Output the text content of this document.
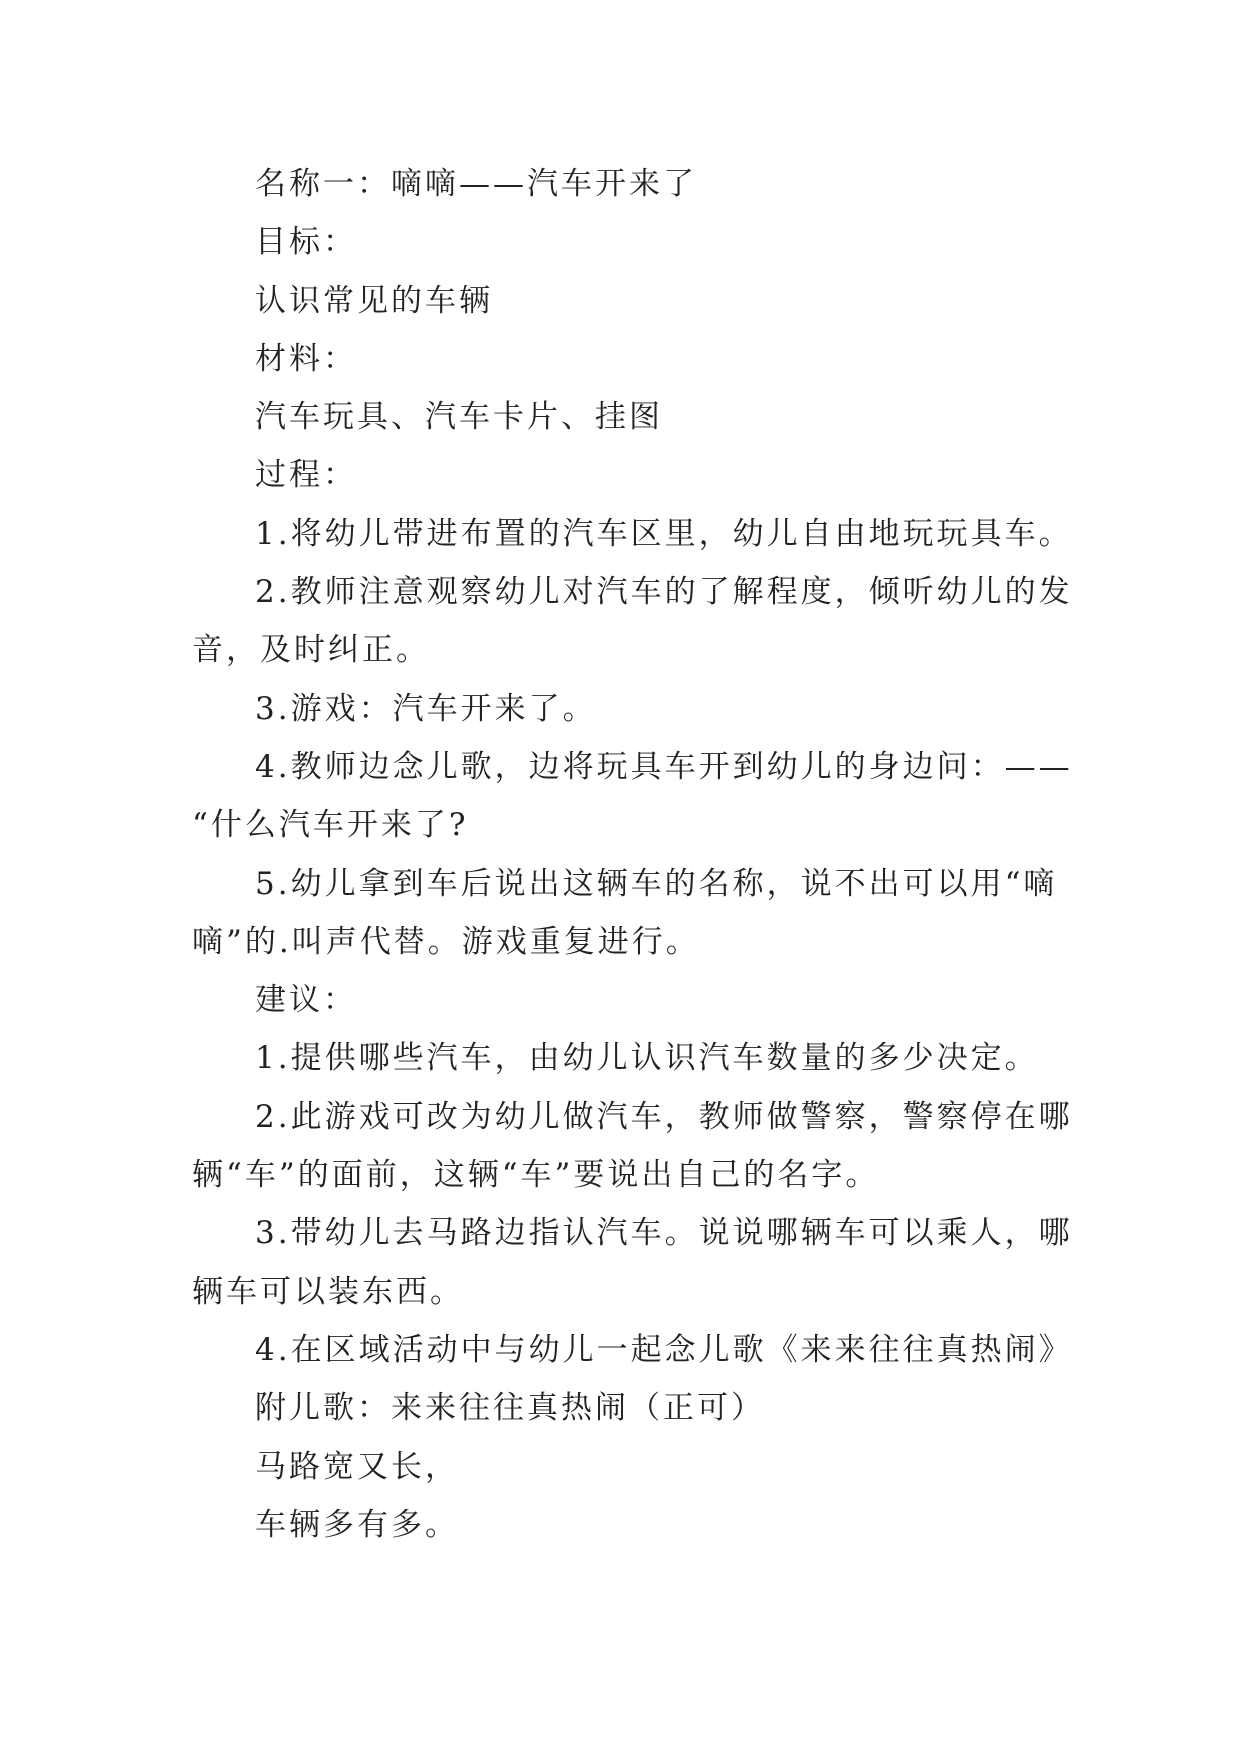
名称一：嘀嘀——汽车开来了
目标：
认识常见的车辆
材料：
汽车玩具、汽车卡片、挂图
过程：
1.将幼儿带进布置的汽车区里，幼儿自由地玩玩具车。
2.教师注意观察幼儿对汽车的了解程度，倾听幼儿的发
音，及时纠正。
3.游戏：汽车开来了。
4.教师边念儿歌，边将玩具车开到幼儿的身边问：——
“什么汽车开来了?
5.幼儿拿到车后说出这辆车的名称，说不出可以用“嘀
嘀”的.叫声代替。游戏重复进行。
建议：
1.提供哪些汽车，由幼儿认识汽车数量的多少决定。
2.此游戏可改为幼儿做汽车，教师做警察，警察停在哪
辆“车”的面前，这辆“车”要说出自己的名字。
3.带幼儿去马路边指认汽车。说说哪辆车可以乘人，哪
辆车可以装东西。
4.在区域活动中与幼儿一起念儿歌《来来往往真热闹》
附儿歌：来来往往真热闹（正可）
马路宽又长，
车辆多有多。
